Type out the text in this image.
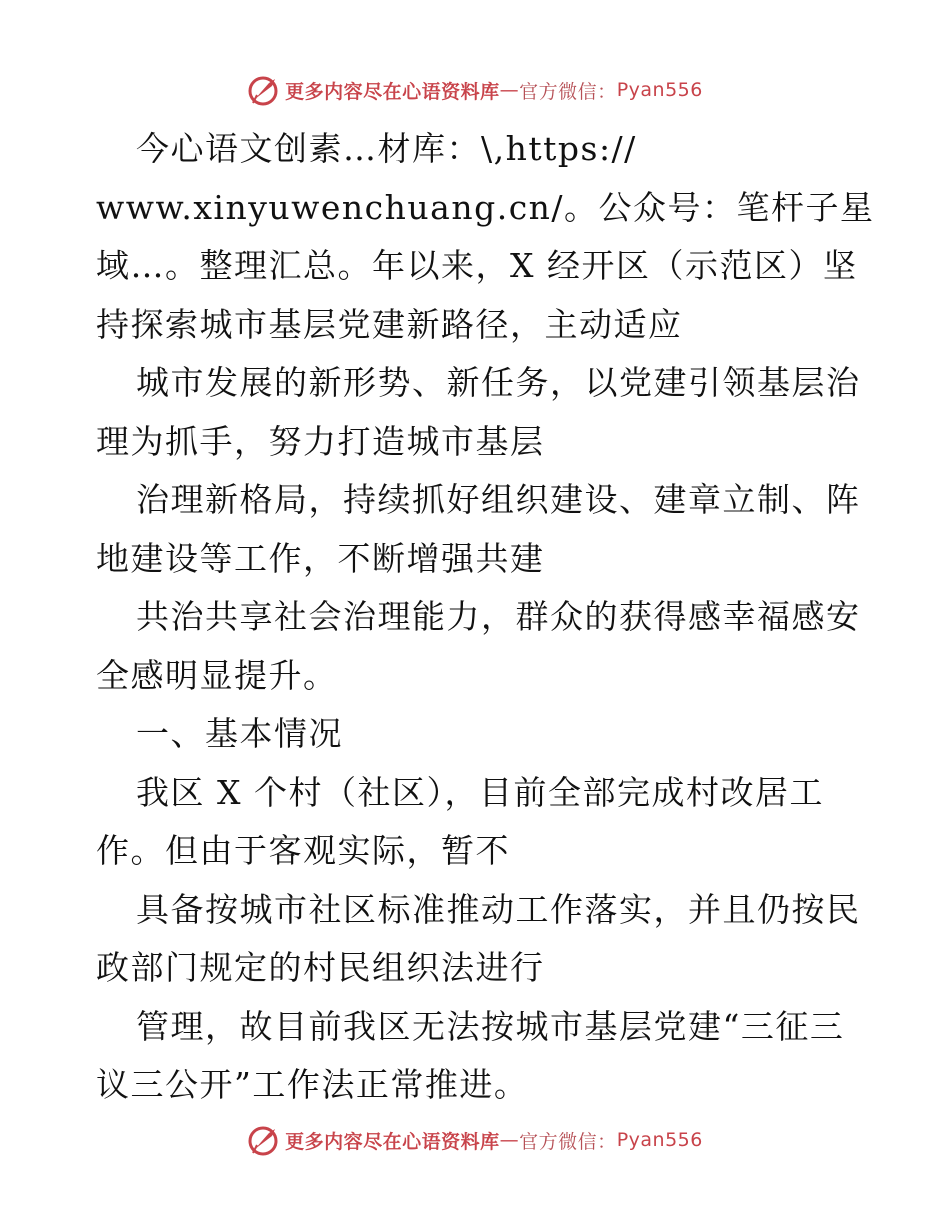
更多内容尽在心语资料库 — 官方微信： Pyan556
今心语文创素…材库：\,https://
www.xinyuwenchuang.cn/。公众号：笔杆子星
域…。整理汇总。年以来，X 经开区（示范区）坚
持探索城市基层党建新路径，主动适应
城市发展的新形势、新任务，以党建引领基层治
理为抓手，努力打造城市基层
治理新格局，持续抓好组织建设、建章立制、阵
地建设等工作，不断增强共建
共治共享社会治理能力，群众的获得感幸福感安
全感明显提升。
一、基本情况
我区 X 个村（社区），目前全部完成村改居工
作。但由于客观实际，暂不
具备按城市社区标准推动工作落实，并且仍按民
政部门规定的村民组织法进行
管理，故目前我区无法按城市基层党建“三征三
议三公开”工作法正常推进。
更多内容尽在心语资料库 — 官方微信： Pyan556
